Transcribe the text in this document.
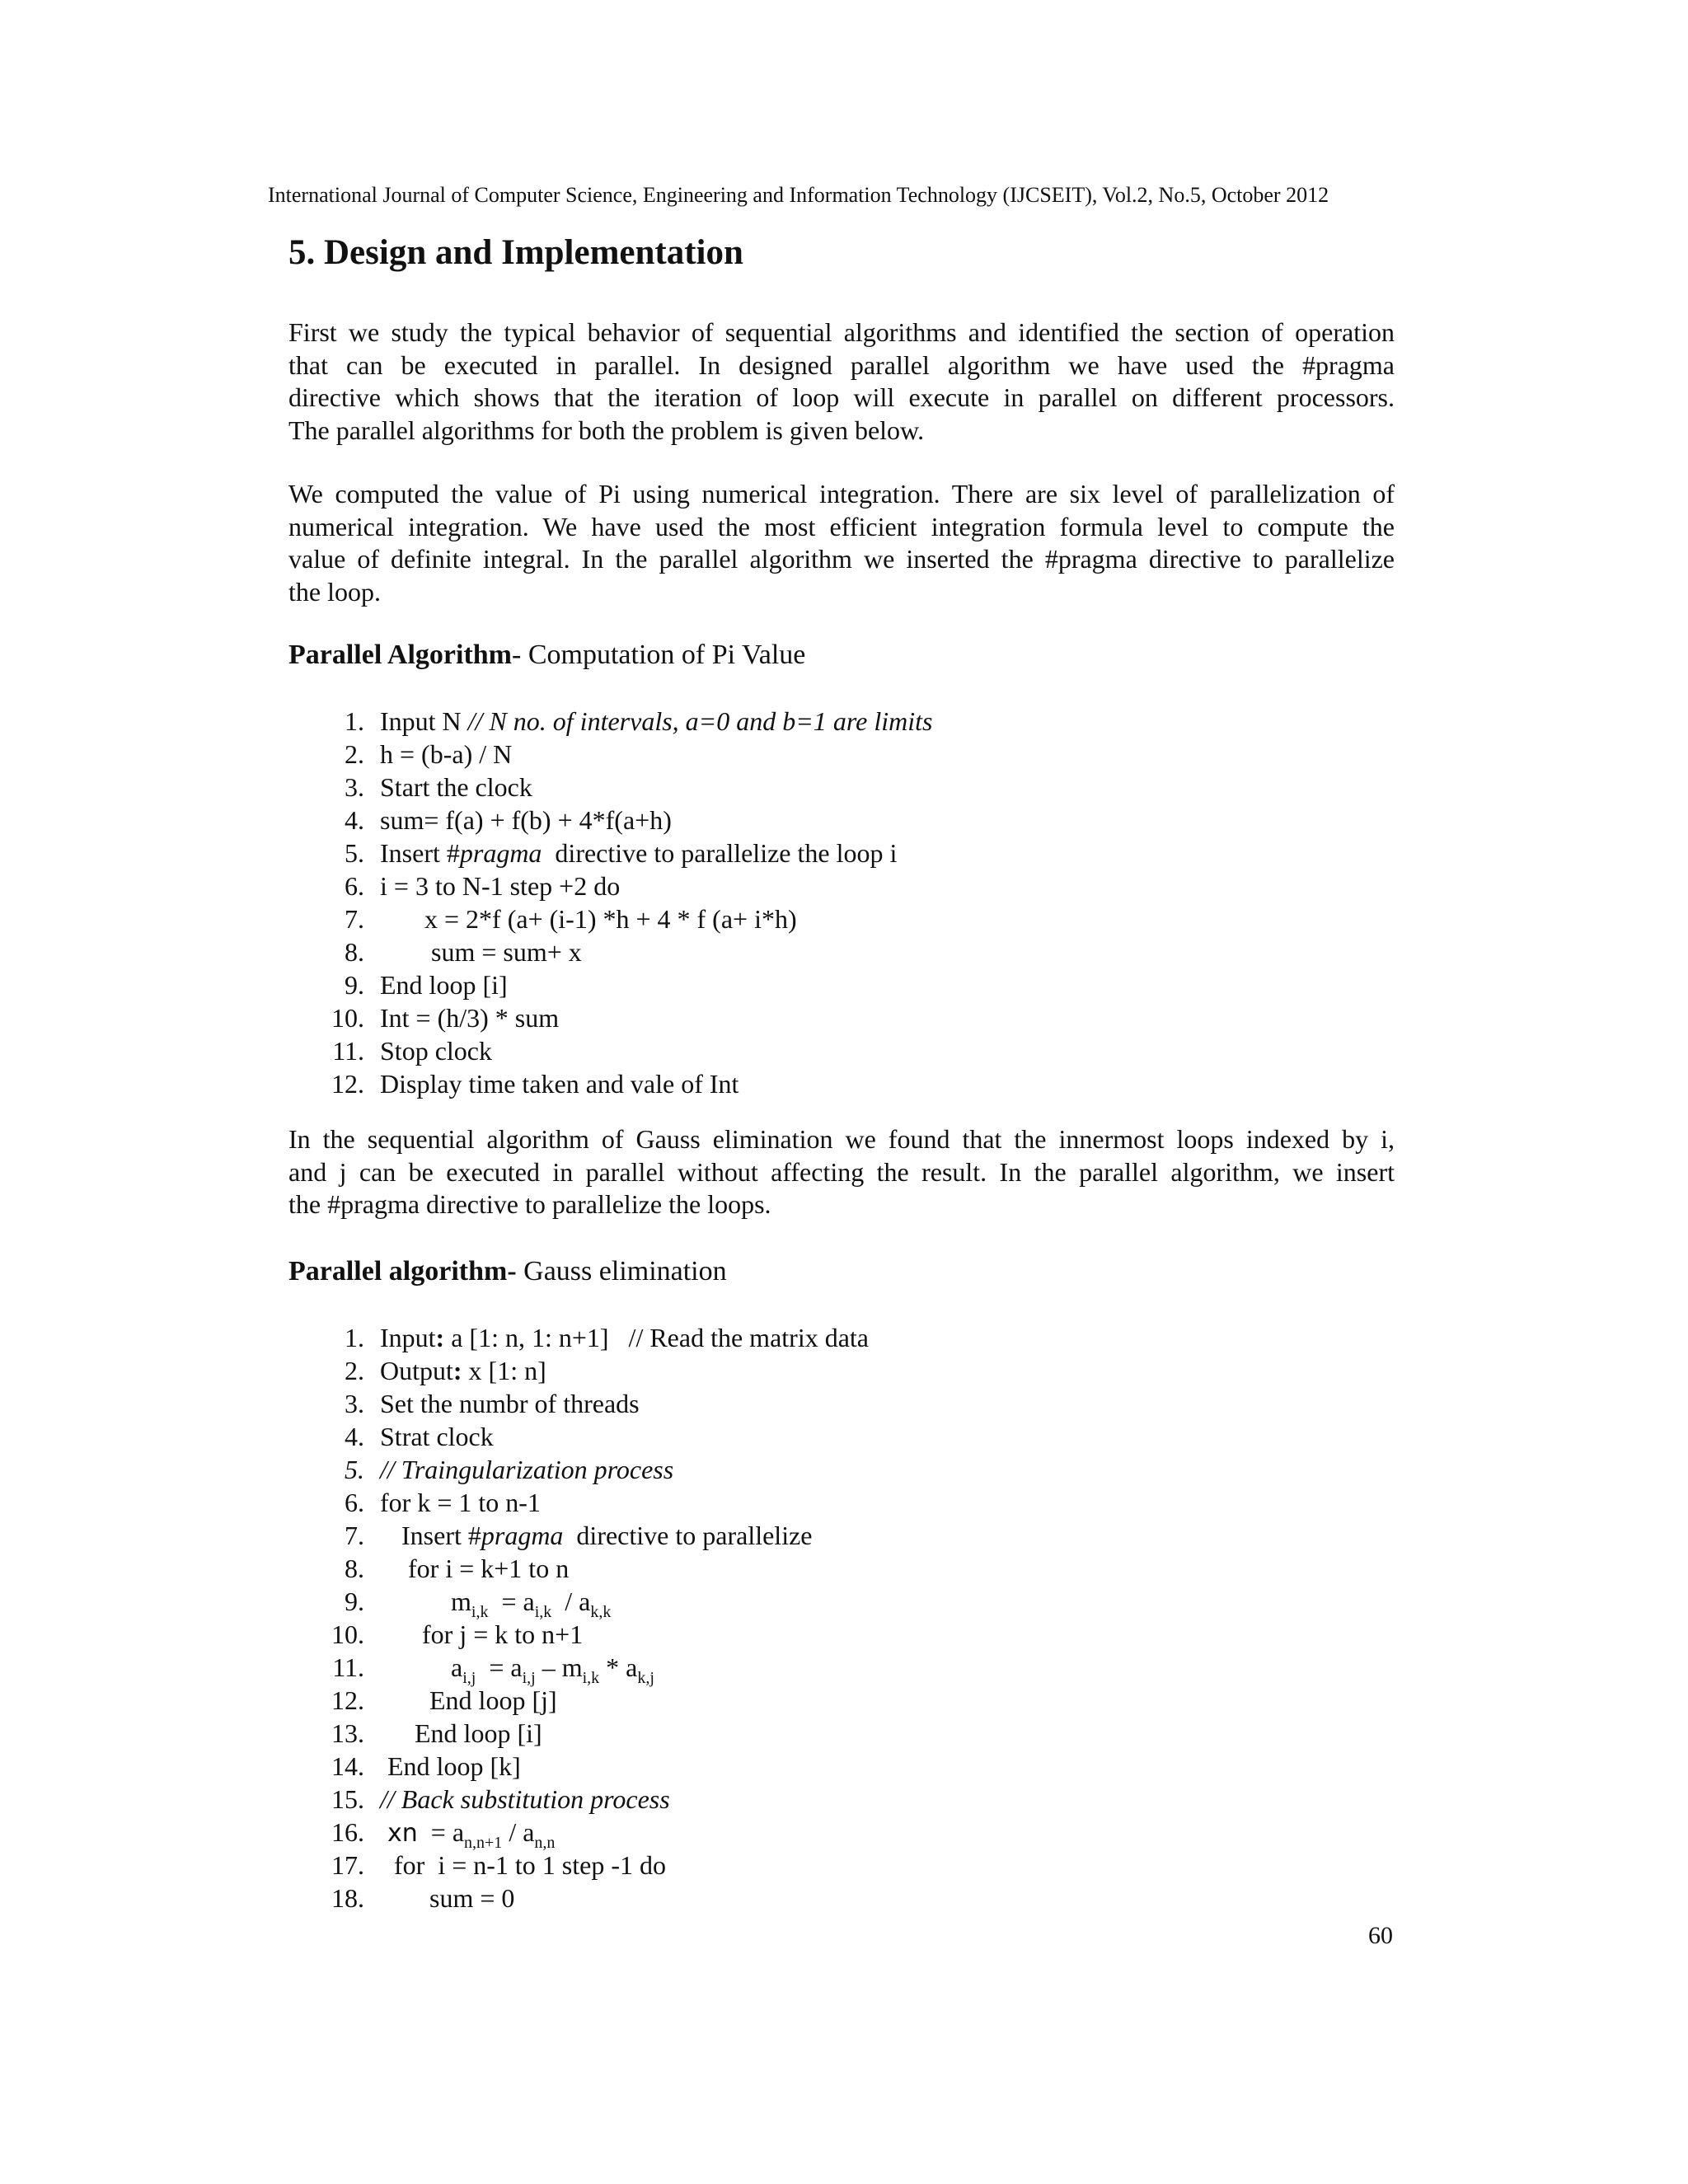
International Journal of Computer Science, Engineering and Information Technology (IJCSEIT), Vol.2, No.5, October 2012
5. Design and Implementation
First we study the typical behavior of sequential algorithms and identified the section of operation
that can be executed in parallel. In designed parallel algorithm we have used the #pragma
directive which shows that the iteration of loop will execute in parallel on different processors.
The parallel algorithms for both the problem is given below.
We computed the value of Pi using numerical integration. There are six level of parallelization of
numerical integration. We have used the most efficient integration formula level to compute the
value of definite integral. In the parallel algorithm we inserted the #pragma directive to parallelize
the loop.
Parallel Algorithm- Computation of Pi Value
1. Input N // N no. of intervals, a=0 and b=1 are limits
2. h = (b-a) / N
3. Start the clock
4. sum= f(a) + f(b) + 4*f(a+h)
5. Insert #pragma  directive to parallelize the loop i
6. i = 3 to N-1 step +2 do
7. x = 2*f (a+ (i-1) *h + 4 * f (a+ i*h)
8.	sum = sum+ x
9. End loop [i]
10. Int = (h/3) * sum
11. Stop clock
12. Display time taken and vale of Int
In the sequential algorithm of Gauss elimination we found that the innermost loops indexed by i,
and j can be executed in parallel without affecting the result. In the parallel algorithm, we insert
the #pragma directive to parallelize the loops.
Parallel algorithm- Gauss elimination
1. Input: a [1: n, 1: n+1]   // Read the matrix data
2. Output: x [1: n]
3. Set the numbr of threads
4. Strat clock
5. // Traingularization process
6. for k = 1 to n-1
7. Insert #pragma  directive to parallelize
8. for i = k+1 to n
9.	$m_{i,k} = a_{i,k} / a_{k,k}$
10. for j = k to n+1
11.	$a_{i,j} = a_{i,j} - m_{i,k} * a_{k,j}$
12. End loop [j]
13. End loop [i]
14. End loop [k]
15. // Back substitution process
16. xn  = $a_{n,n+1} / a_{n,n}$
17. for  i = n-1 to 1 step -1 do
18. sum = 0
60
